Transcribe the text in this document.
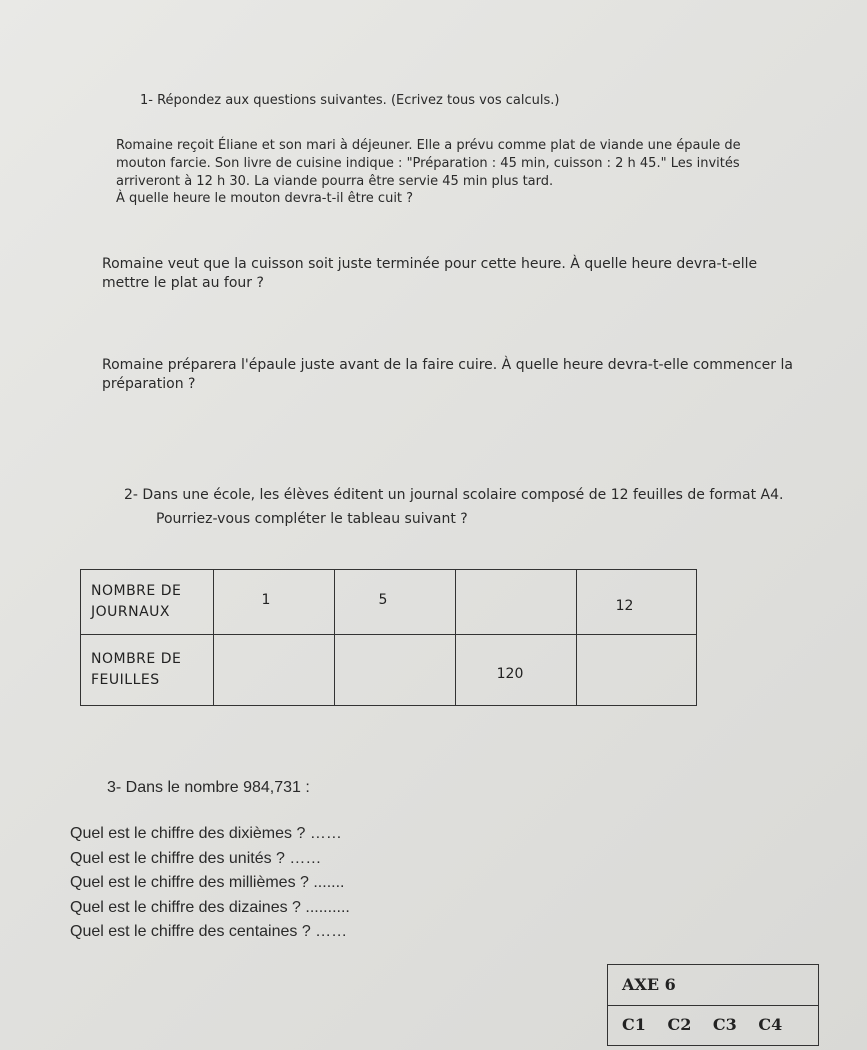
1- Répondez aux questions suivantes. (Ecrivez tous vos calculs.)
Romaine reçoit Éliane et son mari à déjeuner. Elle a prévu comme plat de viande une épaule de
mouton farcie. Son livre de cuisine indique : "Préparation : 45 min, cuisson : 2 h 45." Les invités
arriveront à 12 h 30. La viande pourra être servie 45 min plus tard.
À quelle heure le mouton devra-t-il être cuit ?
Romaine veut que la cuisson soit juste terminée pour cette heure. À quelle heure devra-t-elle
mettre le plat au four ?
Romaine préparera l'épaule juste avant de la faire cuire. À quelle heure devra-t-elle commencer la
préparation ?
2- Dans une école, les élèves éditent un journal scolaire composé de 12 feuilles de format A4.
Pourriez-vous compléter le tableau suivant ?
NOMBRE DE
JOURNAUX	1	5		12

NOMBRE DE
FEUILLES			120	
3- Dans le nombre 984,731 :
Quel est le chiffre des dixièmes ? ……
Quel est le chiffre des unités ? ……
Quel est le chiffre des millièmes ? .......
Quel est le chiffre des dizaines ? ..........
Quel est le chiffre des centaines ? ……
AXE 6
C1 C2 C3 C4
